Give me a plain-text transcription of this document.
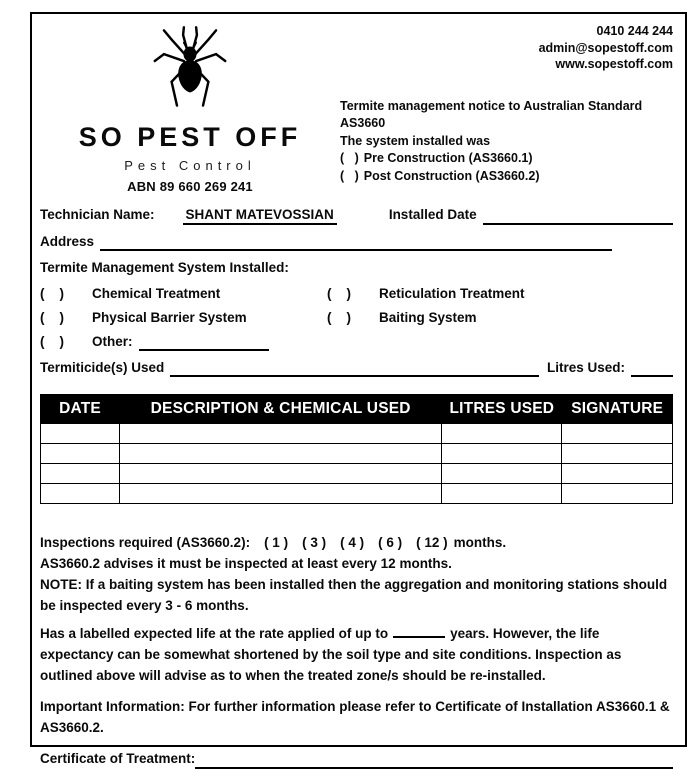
SO PEST OFF
Pest Control
ABN 89 660 269 241
0410 244 244
admin@sopestoff.com
www.sopestoff.com
Termite management notice to Australian Standard
AS3660
The system installed was
(   ) Pre Construction (AS3660.1)
(   ) Post Construction (AS3660.2)
Technician Name: SHANT MATEVOSSIAN	Installed Date
Address
Termite Management System Installed:
(    )	Chemical Treatment	(    )	Reticulation Treatment
(    )	Physical Barrier System	(    )	Baiting System
(    )	Other:
Termiticide(s) Used	Litres Used:
DATE	DESCRIPTION & CHEMICAL USED	LITRES USED	SIGNATURE

Inspections required (AS3660.2): ( 1 ) ( 3 ) ( 4 ) ( 6 ) ( 12 ) months.
AS3660.2 advises it must be inspected at least every 12 months.
NOTE: If a baiting system has been installed then the aggregation and monitoring stations should be inspected every 3 - 6 months.

Has a labelled expected life at the rate applied of up to	years. However, the life expectancy can be somewhat shortened by the soil type and site conditions. Inspection as outlined above will advise as to when the treated zone/s should be re-installed.

Important Information: For further information please refer to Certificate of Installation AS3660.1 & AS3660.2.

Certificate of Treatment:
